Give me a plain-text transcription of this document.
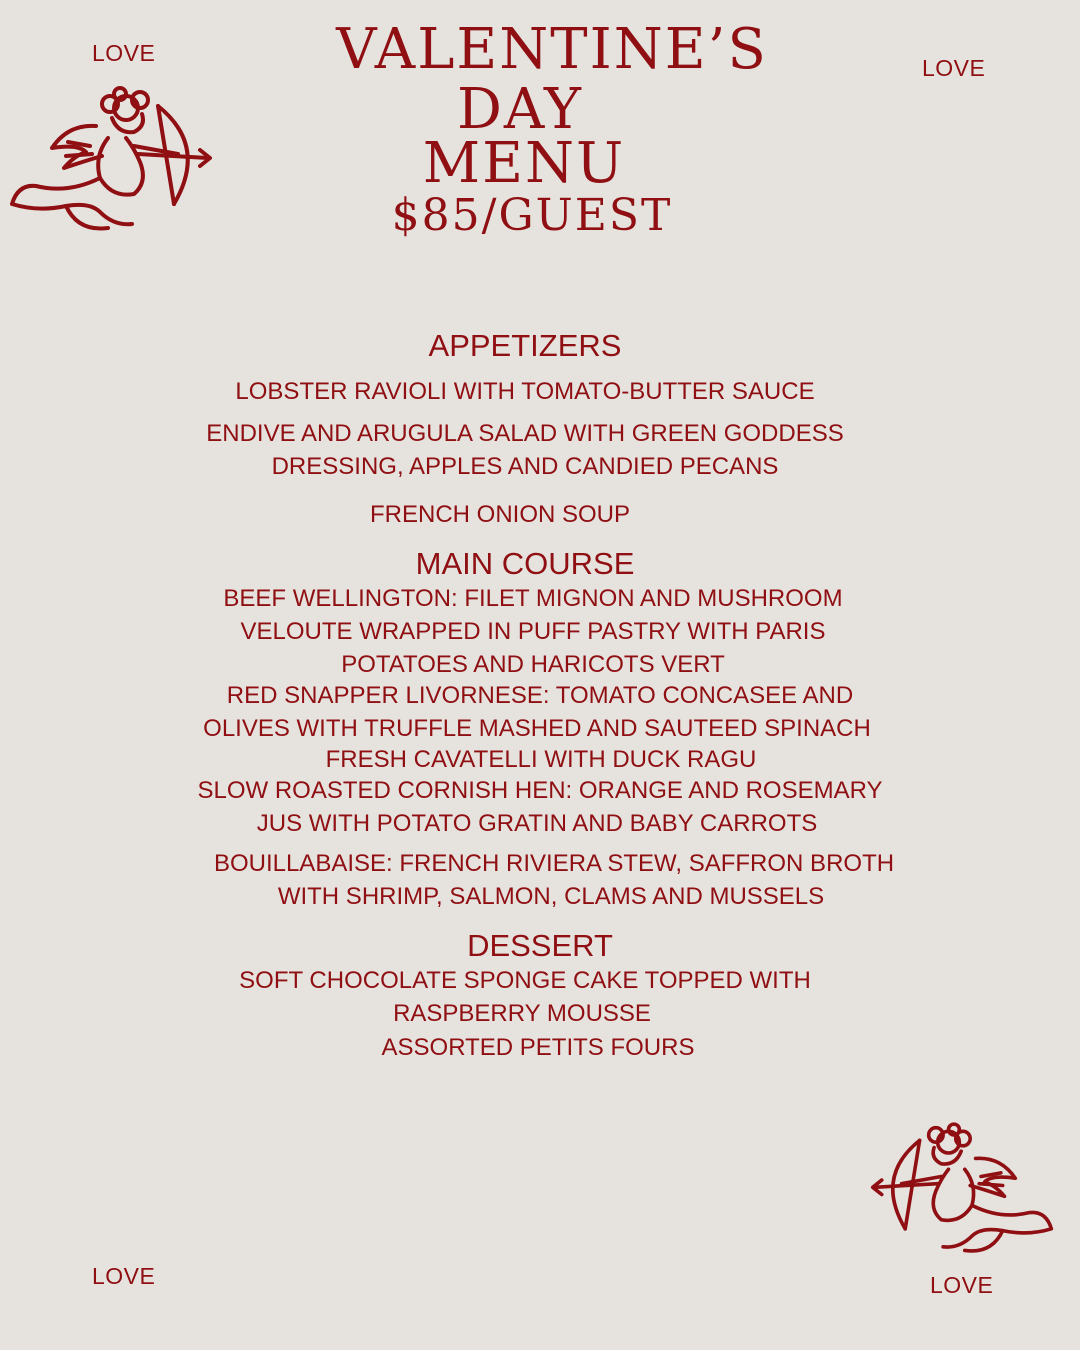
LOVE
LOVE
LOVE	LOVE
VALENTINE’S
DAY
MENU
$85/GUEST
APPETIZERS
LOBSTER RAVIOLI WITH TOMATO-BUTTER SAUCE
ENDIVE AND ARUGULA SALAD WITH GREEN GODDESS
DRESSING, APPLES AND CANDIED PECANS
FRENCH ONION SOUP
MAIN COURSE
BEEF WELLINGTON: FILET MIGNON AND MUSHROOM
VELOUTE WRAPPED IN PUFF PASTRY WITH PARIS
POTATOES AND HARICOTS VERT
RED SNAPPER LIVORNESE: TOMATO CONCASEE AND
OLIVES WITH TRUFFLE MASHED AND SAUTEED SPINACH
FRESH CAVATELLI WITH DUCK RAGU
SLOW ROASTED CORNISH HEN: ORANGE AND ROSEMARY
JUS WITH POTATO GRATIN AND BABY CARROTS
BOUILLABAISE: FRENCH RIVIERA STEW, SAFFRON BROTH
WITH SHRIMP, SALMON, CLAMS AND MUSSELS
DESSERT
SOFT CHOCOLATE SPONGE CAKE TOPPED WITH
RASPBERRY MOUSSE
ASSORTED PETITS FOURS
